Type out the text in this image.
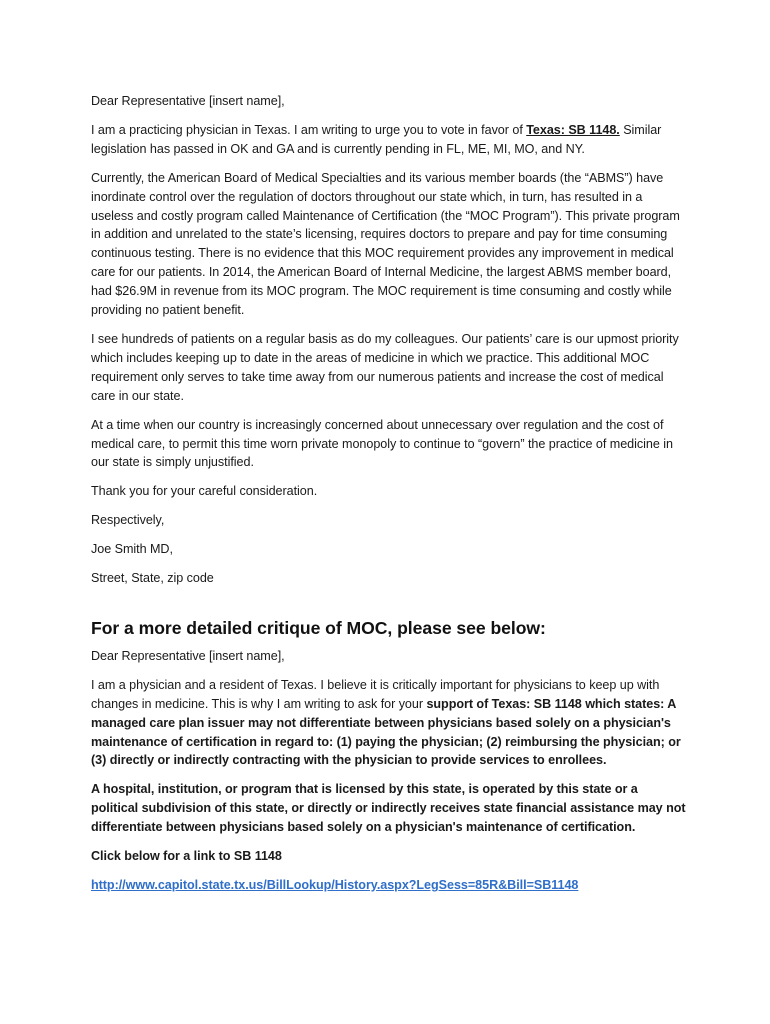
Dear Representative [insert name],

I am a practicing physician in Texas. I am writing to urge you to vote in favor of Texas: SB 1148. Similar legislation has passed in OK and GA and is currently pending in FL, ME, MI, MO, and NY.

Currently, the American Board of Medical Specialties and its various member boards (the “ABMS”) have inordinate control over the regulation of doctors throughout our state which, in turn, has resulted in a useless and costly program called Maintenance of Certification (the “MOC Program”). This private program in addition and unrelated to the state’s licensing, requires doctors to prepare and pay for time consuming continuous testing. There is no evidence that this MOC requirement provides any improvement in medical care for our patients. In 2014, the American Board of Internal Medicine, the largest ABMS member board, had $26.9M in revenue from its MOC program. The MOC requirement is time consuming and costly while providing no patient benefit.

I see hundreds of patients on a regular basis as do my colleagues. Our patients’ care is our upmost priority which includes keeping up to date in the areas of medicine in which we practice. This additional MOC requirement only serves to take time away from our numerous patients and increase the cost of medical care in our state.

At a time when our country is increasingly concerned about unnecessary over regulation and the cost of medical care, to permit this time worn private monopoly to continue to “govern” the practice of medicine in our state is simply unjustified.

Thank you for your careful consideration.

Respectively,

Joe Smith MD,

Street, State, zip code

For a more detailed critique of MOC, please see below:

Dear Representative [insert name],

I am a physician and a resident of Texas. I believe it is critically important for physicians to keep up with changes in medicine. This is why I am writing to ask for your support of Texas: SB 1148 which states: A managed care plan issuer may not differentiate between physicians based solely on a physician's maintenance of certification in regard to: (1) paying the physician; (2) reimbursing the physician; or (3) directly or indirectly contracting with the physician to provide services to enrollees.

A hospital, institution, or program that is licensed by this state, is operated by this state or a political subdivision of this state, or directly or indirectly receives state financial assistance may not differentiate between physicians based solely on a physician's maintenance of certification.

Click below for a link to SB 1148

http://www.capitol.state.tx.us/BillLookup/History.aspx?LegSess=85R&Bill=SB1148
